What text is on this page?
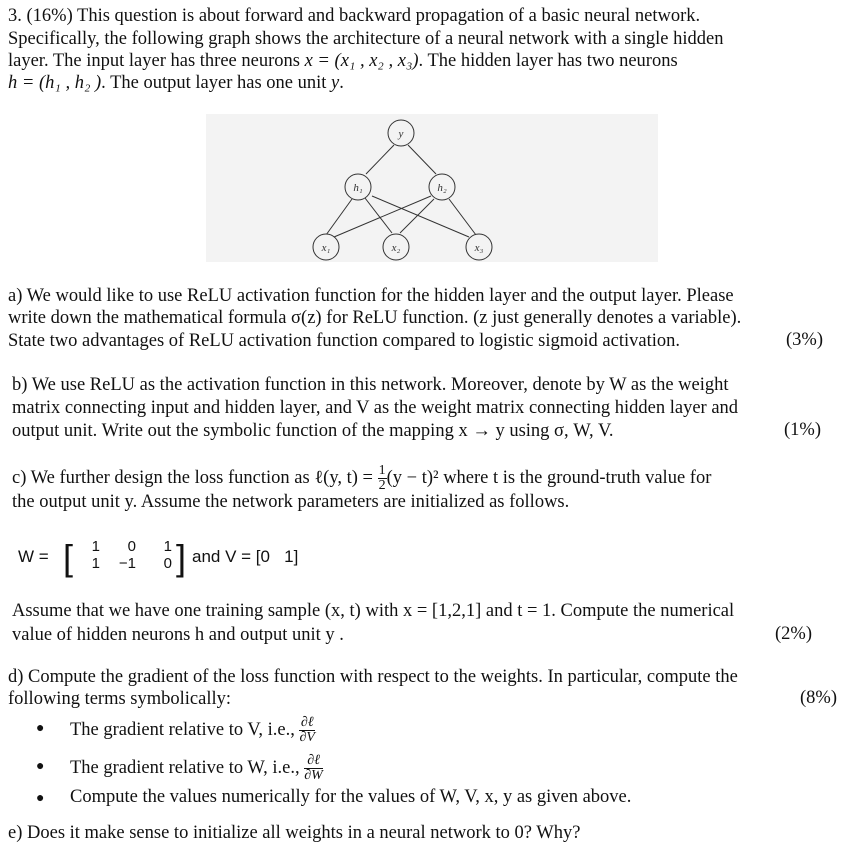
3. (16%) This question is about forward and backward propagation of a basic neural network.
Specifically, the following graph shows the architecture of a neural network with a single hidden
layer. The input layer has three neurons x = (x₁ , x₂ , x₃). The hidden layer has two neurons
h = (h₁ , h₂ ). The output layer has one unit y.
y
h₁	h₂
x₁	x₂	x₃
a) We would like to use ReLU activation function for the hidden layer and the output layer. Please
write down the mathematical formula σ(z) for ReLU function. (z just generally denotes a variable).
State two advantages of ReLU activation function compared to logistic sigmoid activation.	(3%)
b) We use ReLU as the activation function in this network. Moreover, denote by W as the weight
matrix connecting input and hidden layer, and V as the weight matrix connecting hidden layer and
output unit. Write out the symbolic function of the mapping x → y using σ, W, V.	(1%)
c) We further design the loss function as ℓ(y, $t) = \frac{1}{2} (y - t)^2$ where t is the ground-truth value for
the output unit y. Assume the network parameters are initialized as follows.
W = [	1	0	1
1	−1	0 ] and V = [0   1]
Assume that we have one training sample (x, t) with x = [1,2,1] and t = 1. Compute the numerical
value of hidden neurons h and output unit y .	(2%)
d) Compute the gradient of the loss function with respect to the weights. In particular, compute the
following terms symbolically:	(8%)
● The gradient relative to V, i.e., $\frac{\text{∂ℓ}}{\partial V}$
● The gradient relative to W, i.e., $\frac{\text{∂ℓ}}{\partial W}$
● Compute the values numerically for the values of W, V, x, y as given above.
e) Does it make sense to initialize all weights in a neural network to 0? Why?
